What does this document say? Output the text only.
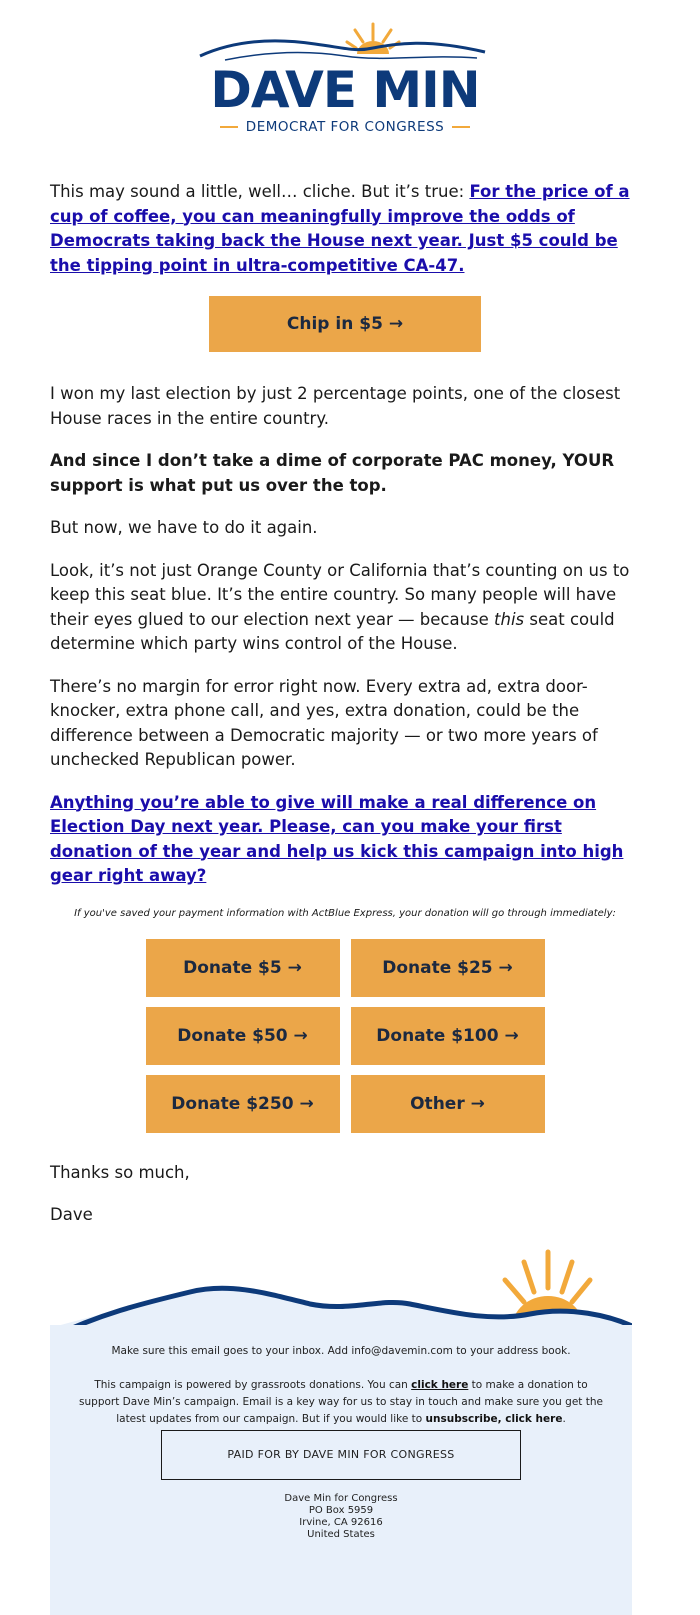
DAVE MIN
DEMOCRAT FOR CONGRESS

This may sound a little, well… cliche. But it’s true: For the price of a cup of coffee, you can meaningfully improve the odds of Democrats taking back the House next year. Just $5 could be the tipping point in ultra-competitive CA-47.

Chip in $5 →

I won my last election by just 2 percentage points, one of the closest House races in the entire country.

And since I don’t take a dime of corporate PAC money, YOUR support is what put us over the top.

But now, we have to do it again.

Look, it’s not just Orange County or California that’s counting on us to keep this seat blue. It’s the entire country. So many people will have their eyes glued to our election next year — because this seat could determine which party wins control of the House.

There’s no margin for error right now. Every extra ad, extra door-knocker, extra phone call, and yes, extra donation, could be the difference between a Democratic majority — or two more years of unchecked Republican power.

Anything you’re able to give will make a real difference on Election Day next year. Please, can you make your first donation of the year and help us kick this campaign into high gear right away?

If you've saved your payment information with ActBlue Express, your donation will go through immediately:

Donate $5 →	Donate $25 →
Donate $50 →	Donate $100 →
Donate $250 →	Other →

Thanks so much,

Dave

Make sure this email goes to your inbox. Add info@davemin.com to your address book.

This campaign is powered by grassroots donations. You can click here to make a donation to support Dave Min’s campaign. Email is a key way for us to stay in touch and make sure you get the latest updates from our campaign. But if you would like to unsubscribe, click here.

PAID FOR BY DAVE MIN FOR CONGRESS
Dave Min for Congress
PO Box 5959
Irvine, CA 92616
United States
